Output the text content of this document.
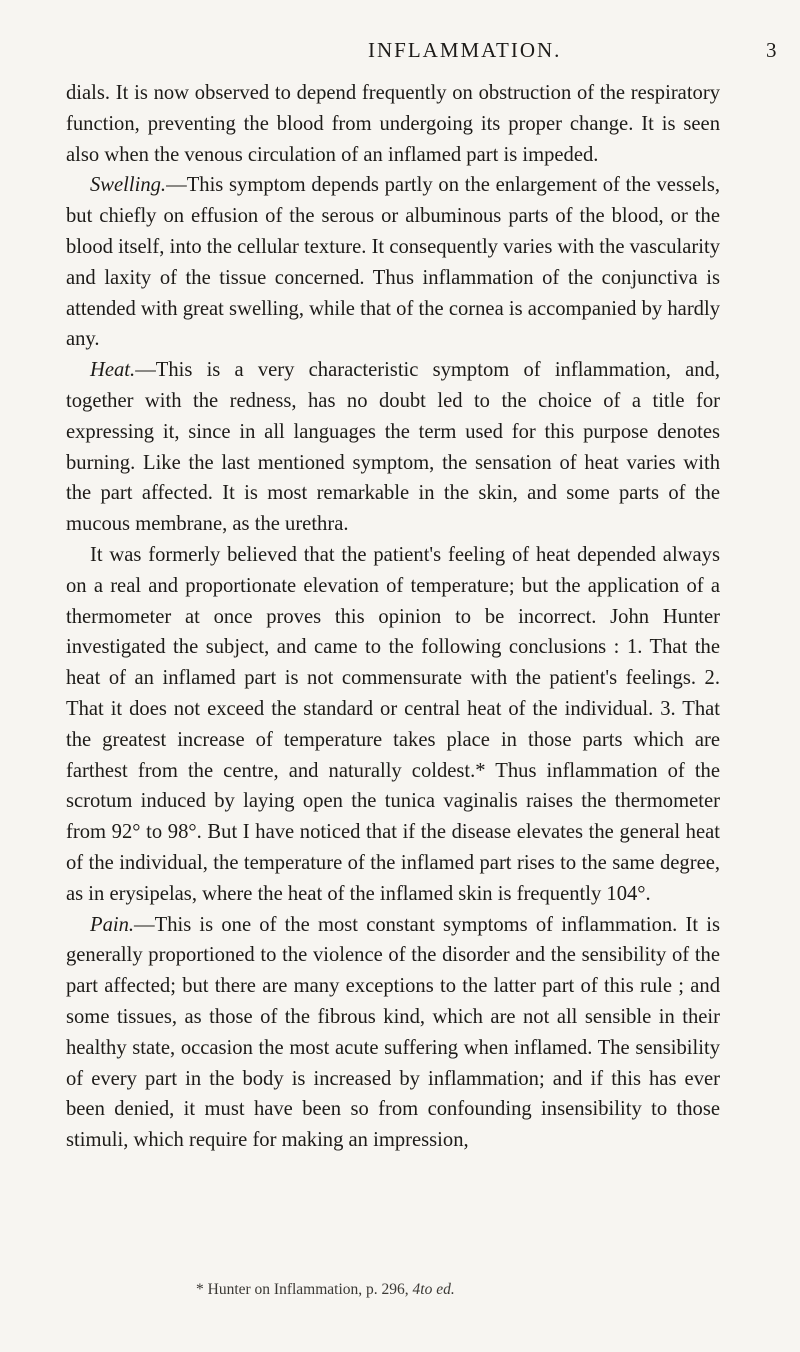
INFLAMMATION.	3

dials. It is now observed to depend frequently on obstruction of the respiratory function, preventing the blood from undergoing its proper change. It is seen also when the venous circulation of an inflamed part is impeded.

Swelling.—This symptom depends partly on the enlargement of the vessels, but chiefly on effusion of the serous or albuminous parts of the blood, or the blood itself, into the cellular texture. It consequently varies with the vascularity and laxity of the tissue concerned. Thus inflammation of the conjunctiva is attended with great swelling, while that of the cornea is accompanied by hardly any.

Heat.—This is a very characteristic symptom of inflammation, and, together with the redness, has no doubt led to the choice of a title for expressing it, since in all languages the term used for this purpose denotes burning. Like the last mentioned symptom, the sensation of heat varies with the part affected. It is most remarkable in the skin, and some parts of the mucous membrane, as the urethra.

It was formerly believed that the patient's feeling of heat depended always on a real and proportionate elevation of temperature; but the application of a thermometer at once proves this opinion to be incorrect. John Hunter investigated the subject, and came to the following conclusions : 1. That the heat of an inflamed part is not commensurate with the patient's feelings. 2. That it does not exceed the standard or central heat of the individual. 3. That the greatest increase of temperature takes place in those parts which are farthest from the centre, and naturally coldest.* Thus inflammation of the scrotum induced by laying open the tunica vaginalis raises the thermometer from 92° to 98°. But I have noticed that if the disease elevates the general heat of the individual, the temperature of the inflamed part rises to the same degree, as in erysipelas, where the heat of the inflamed skin is frequently 104°.

Pain.—This is one of the most constant symptoms of inflammation. It is generally proportioned to the violence of the disorder and the sensibility of the part affected; but there are many exceptions to the latter part of this rule ; and some tissues, as those of the fibrous kind, which are not all sensible in their healthy state, occasion the most acute suffering when inflamed. The sensibility of every part in the body is increased by inflammation; and if this has ever been denied, it must have been so from confounding insensibility to those stimuli, which require for making an impression,

* Hunter on Inflammation, p. 296, 4to ed.
